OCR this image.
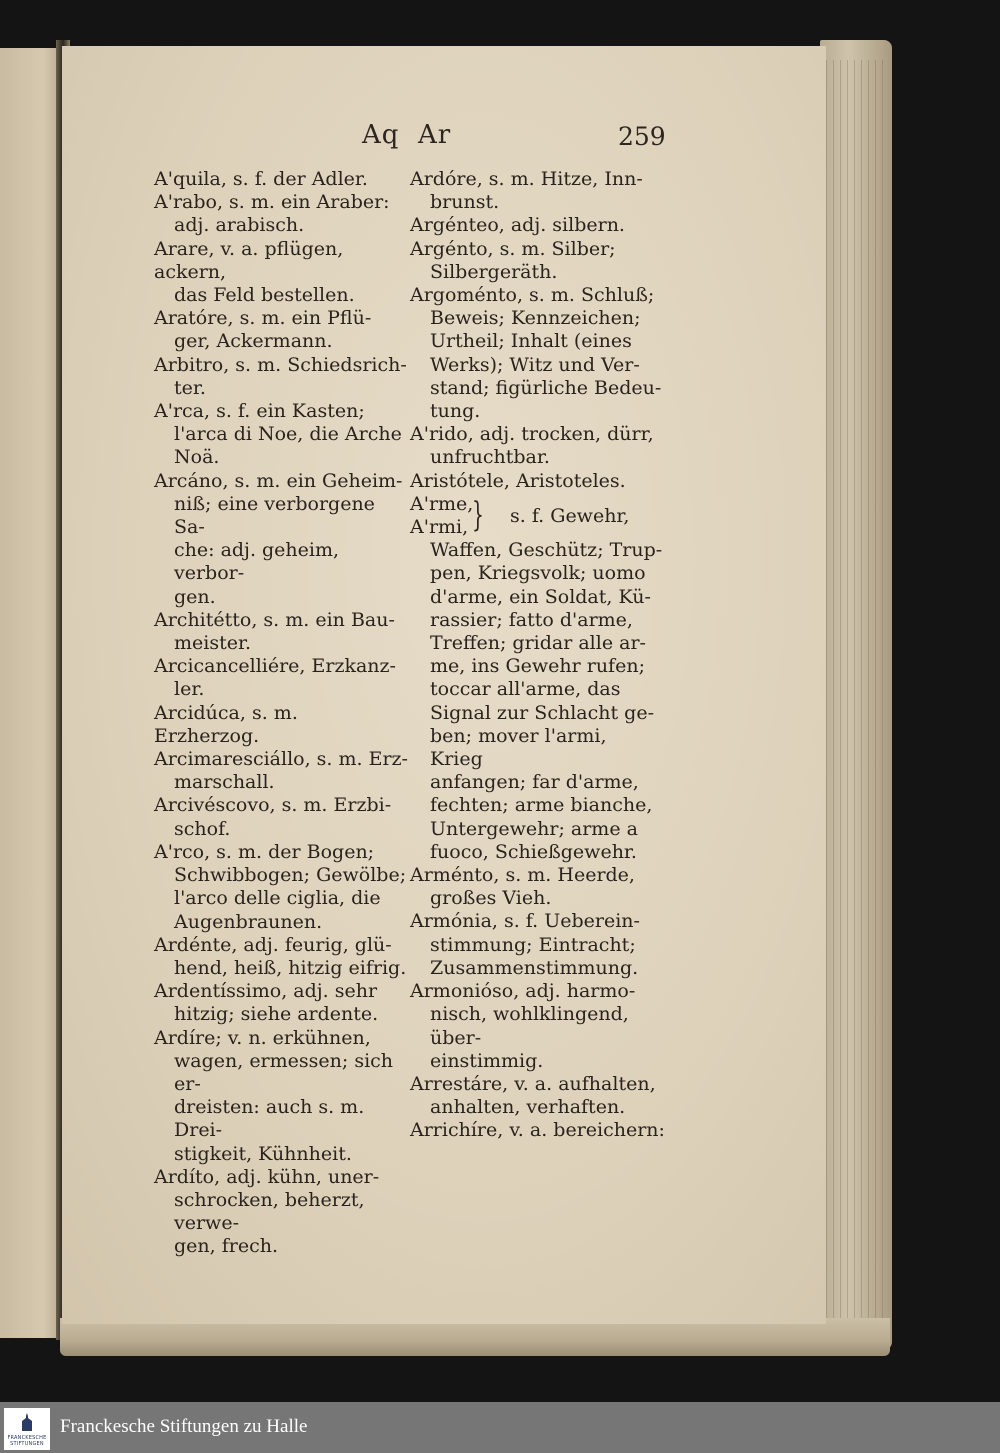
Aq  Ar	259
A'quila, s. f. der Adler.
A'rabo, s. m. ein Araber:
adj. arabisch.
Arare, v. a. pflügen, ackern,
das Feld bestellen.
Aratóre, s. m. ein Pflü-
ger, Ackermann.
Arbitro, s. m. Schiedsrich-
ter.
A'rca, s. f. ein Kasten;
l'arca di Noe, die Arche
Noä.
Arcáno, s. m. ein Geheim-
niß; eine verborgene Sa-
che: adj. geheim, verbor-
gen.
Architétto, s. m. ein Bau-
meister.
Arcicancelliére, Erzkanz-
ler.
Arcidúca, s. m. Erzherzog.
Arcimaresciállo, s. m. Erz-
marschall.
Arcivéscovo, s. m. Erzbi-
schof.
A'rco, s. m. der Bogen;
Schwibbogen; Gewölbe;
l'arco delle ciglia, die
Augenbraunen.
Ardénte, adj. feurig, glü-
hend, heiß, hitzig eifrig.
Ardentíssimo, adj. sehr
hitzig; siehe ardente.
Ardíre; v. n. erkühnen,
wagen, ermessen; sich er-
dreisten: auch s. m. Drei-
stigkeit, Kühnheit.
Ardíto, adj. kühn, uner-
schrocken, beherzt, verwe-
gen, frech.
Ardóre, s. m. Hitze, Inn-
brunst.
Argénteo, adj. silbern.
Argénto, s. m. Silber;
Silbergeräth.
Argoménto, s. m. Schluß;
Beweis; Kennzeichen;
Urtheil; Inhalt (eines
Werks); Witz und Ver-
stand; figürliche Bedeu-
tung.
A'rido, adj. trocken, dürr,
unfruchtbar.
Aristótele, Aristoteles.
A'rme,
A'rmi, } s. f. Gewehr,
Waffen, Geschütz; Trup-
pen, Kriegsvolk; uomo
d'arme, ein Soldat, Kü-
rassier; fatto d'arme,
Treffen; gridar alle ar-
me, ins Gewehr rufen;
toccar all'arme, das
Signal zur Schlacht ge-
ben; mover l'armi, Krieg
anfangen; far d'arme,
fechten; arme bianche,
Untergewehr; arme a
fuoco, Schießgewehr.
Arménto, s. m. Heerde,
großes Vieh.
Armónia, s. f. Ueberein-
stimmung; Eintracht;
Zusammenstimmung.
Armonióso, adj. harmo-
nisch, wohlklingend, über-
einstimmig.
Arrestáre, v. a. aufhalten,
anhalten, verhaften.
Arrichíre, v. a. bereichern:
FRANCKESCHE
STIFTUNGEN
Franckesche Stiftungen zu Halle
